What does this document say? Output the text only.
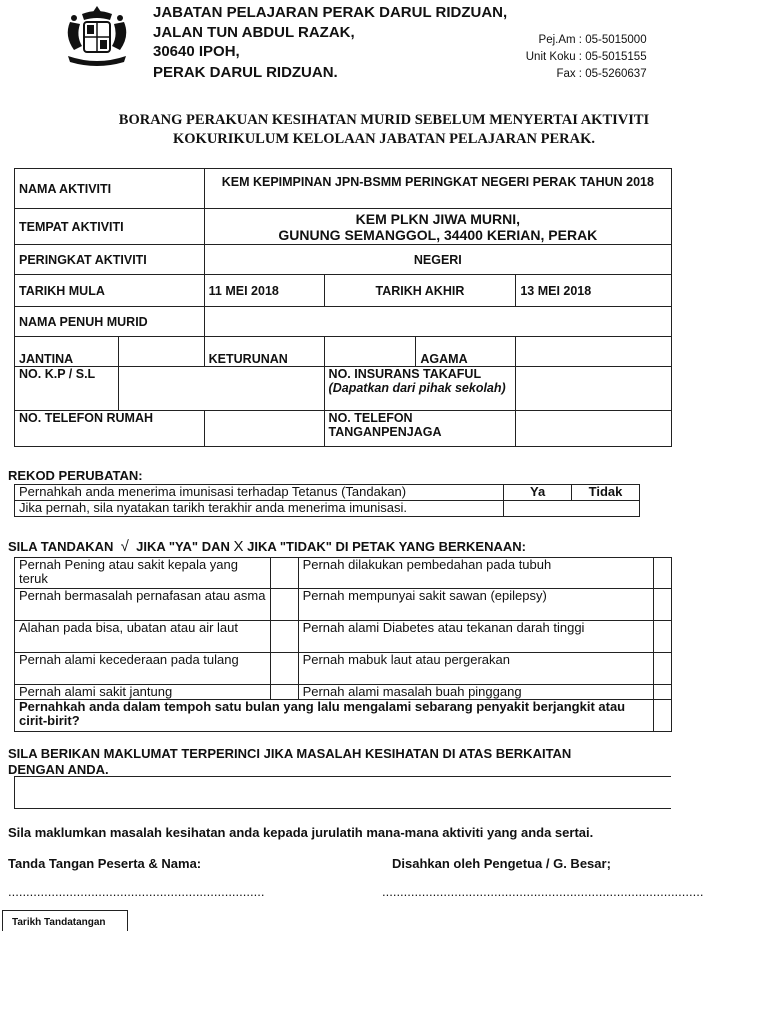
JABATAN PELAJARAN PERAK DARUL RIDZUAN,
JALAN TUN ABDUL RAZAK,
30640 IPOH,
PERAK DARUL RIDZUAN.
Pej.Am : 05-5015000
Unit Koku : 05-5015155
Fax : 05-5260637
BORANG PERAKUAN KESIHATAN MURID SEBELUM MENYERTAI AKTIVITI
KOKURIKULUM KELOLAAN JABATAN PELAJARAN PERAK.
NAMA AKTIVITI		KEM KEPIMPINAN JPN-BSMM PERINGKAT NEGERI PERAK TAHUN 2018			
TEMPAT AKTIVITI		KEM PLKN JIWA MURNI,
GUNUNG SEMANGGOL, 34400 KERIAN, PERAK			

PERINGKAT AKTIVITI		NEGERI			
TARIKH MULA		11 MEI 2018	TARIKH AKHIR		13 MEI 2018
NAMA PENUH MURID					
JANTINA		KETURUNAN		AGAMA	
NO. K.P / S.L			NO. INSURANS TAKAFUL
(Dapatkan dari pihak sekolah)		

NO. TELEFON RUMAH			NO. TELEFON
TANGANPENJAGA		

REKOD PERUBATAN:
Pernahkah anda menerima imunisasi terhadap Tetanus (Tandakan)	Ya	Tidak
Jika pernah, sila nyatakan tarikh terakhir anda menerima imunisasi.		
SILA TANDAKAN √ JIKA "YA" DAN X JIKA "TIDAK" DI PETAK YANG BERKENAAN:
Pernah Pening atau sakit kepala yang teruk		Pernah dilakukan pembedahan pada tubuh	
Pernah bermasalah pernafasan atau asma		Pernah mempunyai sakit sawan (epilepsy)	
Alahan pada bisa, ubatan atau air laut		Pernah alami Diabetes atau tekanan darah tinggi	
Pernah alami kecederaan pada tulang		Pernah mabuk laut atau pergerakan	
Pernah alami sakit jantung		Pernah alami masalah buah pinggang	
Pernahkah anda dalam tempoh satu bulan yang lalu mengalami sebarang penyakit berjangkit atau cirit-birit?			
SILA BERIKAN MAKLUMAT TERPERINCI JIKA MASALAH KESIHATAN DI ATAS BERKAITAN
DENGAN ANDA.
Sila maklumkan masalah kesihatan anda kepada jurulatih mana-mana aktiviti yang anda sertai.
Tanda Tangan Peserta & Nama:	Disahkan oleh Pengetua / G. Besar;
.......................................................................	.........................................................................................
Tarikh Tandatangan
